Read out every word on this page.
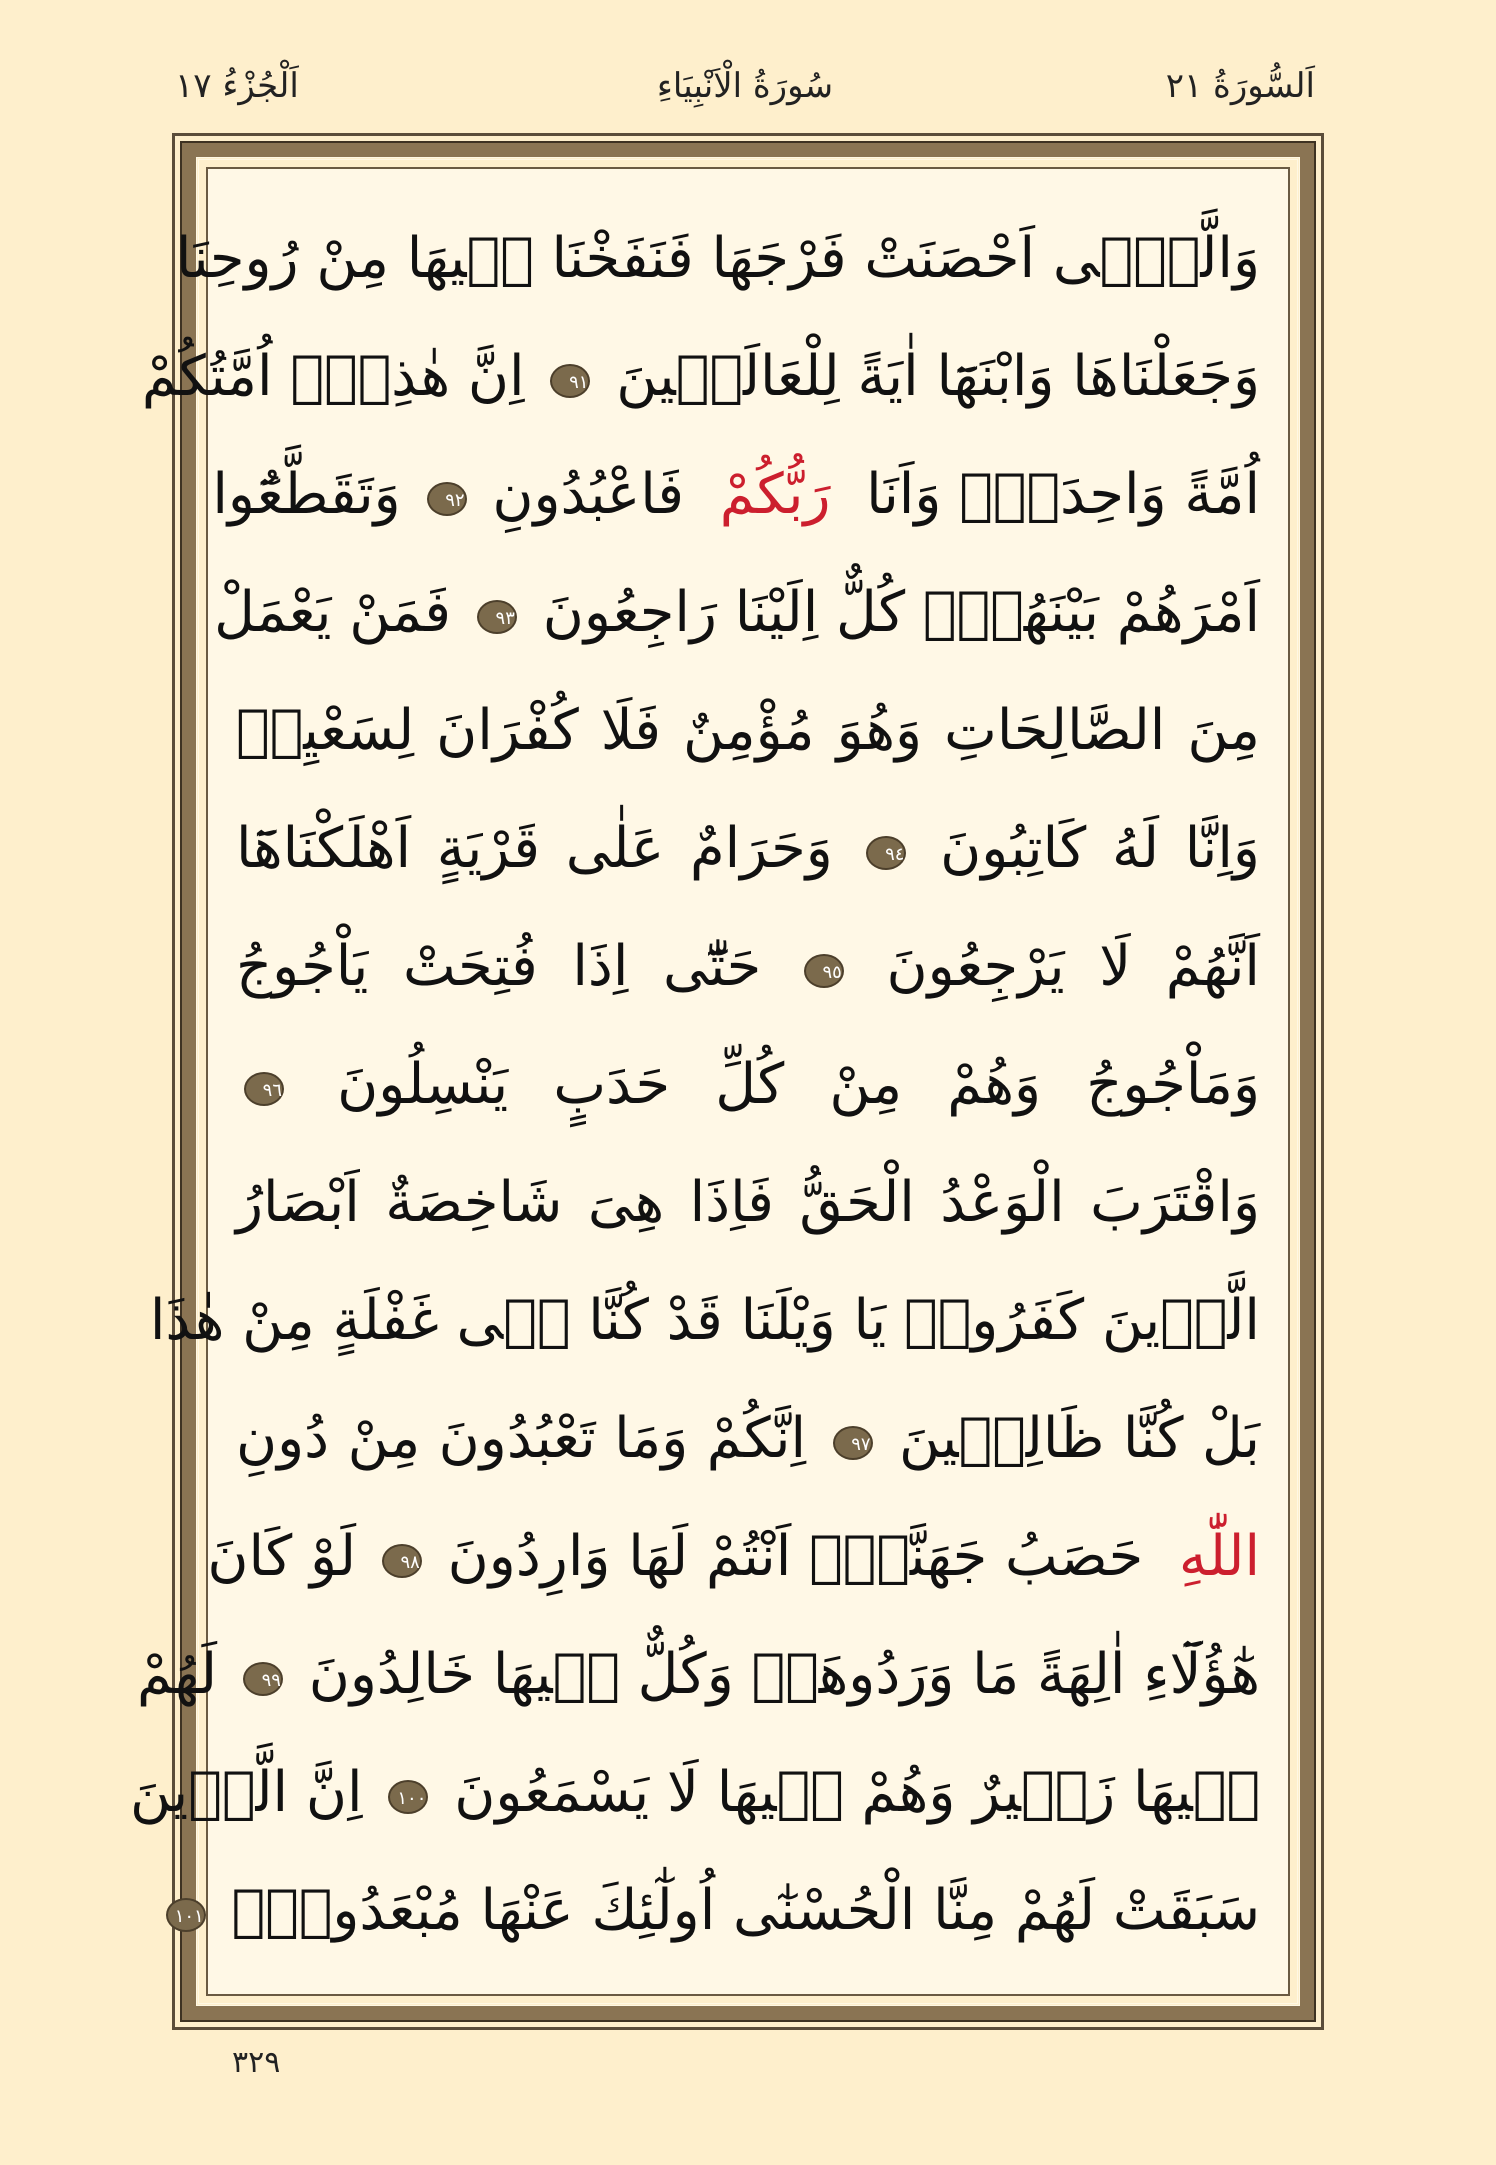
اَلسُّورَةُ ٢١
سُورَةُ الْاَنْبِيَاءِ
اَلْجُزْءُ ١٧
وَالَّتٖٓى اَحْصَنَتْ فَرْجَهَا فَنَفَخْنَا فٖيهَا مِنْ رُوحِنَا
وَجَعَلْنَاهَا وَابْنَهَٓا اٰيَةً لِلْعَالَمٖينَ ٩١ اِنَّ هٰذِهٖٓ اُمَّتُكُمْ
اُمَّةً وَاحِدَةًۘ وَاَنَا  رَبُّكُمْ  فَاعْبُدُونِ ٩٢ وَتَقَطَّعُٓوا
اَمْرَهُمْ بَيْنَهُمْۜ كُلٌّ اِلَيْنَا رَاجِعُونَ ٩٣ فَمَنْ يَعْمَلْ
مِنَ الصَّالِحَاتِ وَهُوَ مُؤْمِنٌ فَلَا كُفْرَانَ لِسَعْيِهٖ
وَاِنَّا لَهُ كَاتِبُونَ ٩٤ وَحَرَامٌ عَلٰى قَرْيَةٍ اَهْلَكْنَاهَٓا
اَنَّهُمْ لَا يَرْجِعُونَ ٩٥ حَتّٰٓى اِذَا فُتِحَتْ يَاْجُوجُ
وَمَاْجُوجُ وَهُمْ مِنْ كُلِّ حَدَبٍ يَنْسِلُونَ ٩٦
وَاقْتَرَبَ الْوَعْدُ الْحَقُّ فَاِذَا هِىَ شَاخِصَةٌ اَبْصَارُ
الَّذٖينَ كَفَرُواۜ يَا وَيْلَنَا قَدْ كُنَّا فٖى غَفْلَةٍ مِنْ هٰذَا
بَلْ كُنَّا ظَالِمٖينَ ٩٧ اِنَّكُمْ وَمَا تَعْبُدُونَ مِنْ دُونِ
اللّٰهِ  حَصَبُ جَهَنَّمَۜ اَنْتُمْ لَهَا وَارِدُونَ ٩٨ لَوْ كَانَ
هٰٓؤُلَٓاءِ اٰلِهَةً مَا وَرَدُوهَاۜ وَكُلٌّ فٖيهَا خَالِدُونَ ٩٩ لَهُمْ
فٖيهَا زَفٖيرٌ وَهُمْ فٖيهَا لَا يَسْمَعُونَ ١٠٠ اِنَّ الَّذٖينَ
سَبَقَتْ لَهُمْ مِنَّا الْحُسْنٰٓى اُولٰٓئِكَ عَنْهَا مُبْعَدُونَۙ ١٠١
٣٢٩
